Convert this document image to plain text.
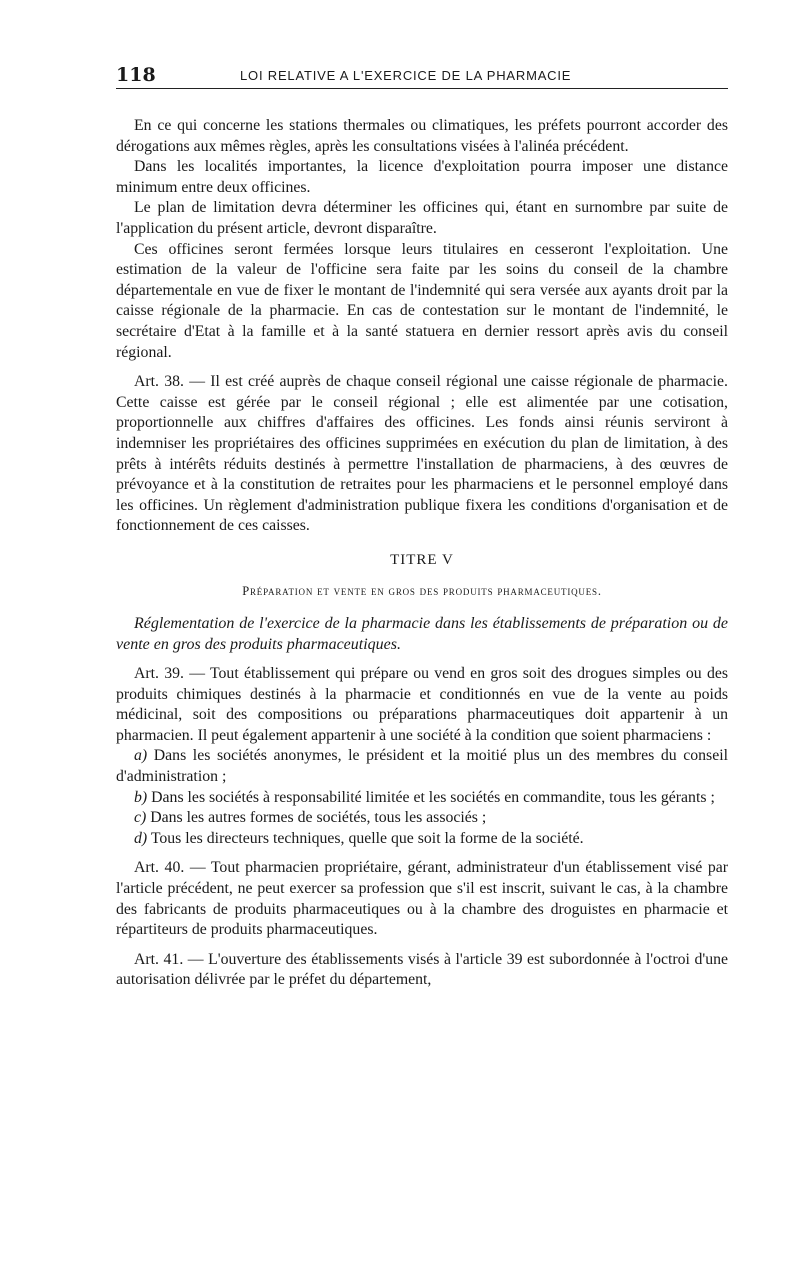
118	LOI RELATIVE A L'EXERCICE DE LA PHARMACIE

En ce qui concerne les stations thermales ou climatiques, les préfets pourront accorder des dérogations aux mêmes règles, après les consultations visées à l'alinéa précédent.

Dans les localités importantes, la licence d'exploitation pourra imposer une distance minimum entre deux officines.

Le plan de limitation devra déterminer les officines qui, étant en surnombre par suite de l'application du présent article, devront disparaître.

Ces officines seront fermées lorsque leurs titulaires en cesseront l'exploitation. Une estimation de la valeur de l'officine sera faite par les soins du conseil de la chambre départementale en vue de fixer le montant de l'indemnité qui sera versée aux ayants droit par la caisse régionale de la pharmacie. En cas de contestation sur le montant de l'indemnité, le secrétaire d'Etat à la famille et à la santé statuera en dernier ressort après avis du conseil régional.

Art. 38. — Il est créé auprès de chaque conseil régional une caisse régionale de pharmacie. Cette caisse est gérée par le conseil régional ; elle est alimentée par une cotisation, proportionnelle aux chiffres d'affaires des officines. Les fonds ainsi réunis serviront à indemniser les propriétaires des officines supprimées en exécution du plan de limitation, à des prêts à intérêts réduits destinés à permettre l'installation de pharmaciens, à des œuvres de prévoyance et à la constitution de retraites pour les pharmaciens et le personnel employé dans les officines. Un règlement d'administration publique fixera les conditions d'organisation et de fonctionnement de ces caisses.

TITRE V
Préparation et vente en gros des produits pharmaceutiques.
Réglementation de l'exercice de la pharmacie dans les établissements de préparation ou de vente en gros des produits pharmaceutiques.

Art. 39. — Tout établissement qui prépare ou vend en gros soit des drogues simples ou des produits chimiques destinés à la pharmacie et conditionnés en vue de la vente au poids médicinal, soit des compositions ou préparations pharmaceutiques doit appartenir à un pharmacien. Il peut également appartenir à une société à la condition que soient pharmaciens :

a) Dans les sociétés anonymes, le président et la moitié plus un des membres du conseil d'administration ;

b) Dans les sociétés à responsabilité limitée et les sociétés en commandite, tous les gérants ;

c) Dans les autres formes de sociétés, tous les associés ;

d) Tous les directeurs techniques, quelle que soit la forme de la société.

Art. 40. — Tout pharmacien propriétaire, gérant, administrateur d'un établissement visé par l'article précédent, ne peut exercer sa profession que s'il est inscrit, suivant le cas, à la chambre des fabricants de produits pharmaceutiques ou à la chambre des droguistes en pharmacie et répartiteurs de produits pharmaceutiques.

Art. 41. — L'ouverture des établissements visés à l'article 39 est subordonnée à l'octroi d'une autorisation délivrée par le préfet du département,
